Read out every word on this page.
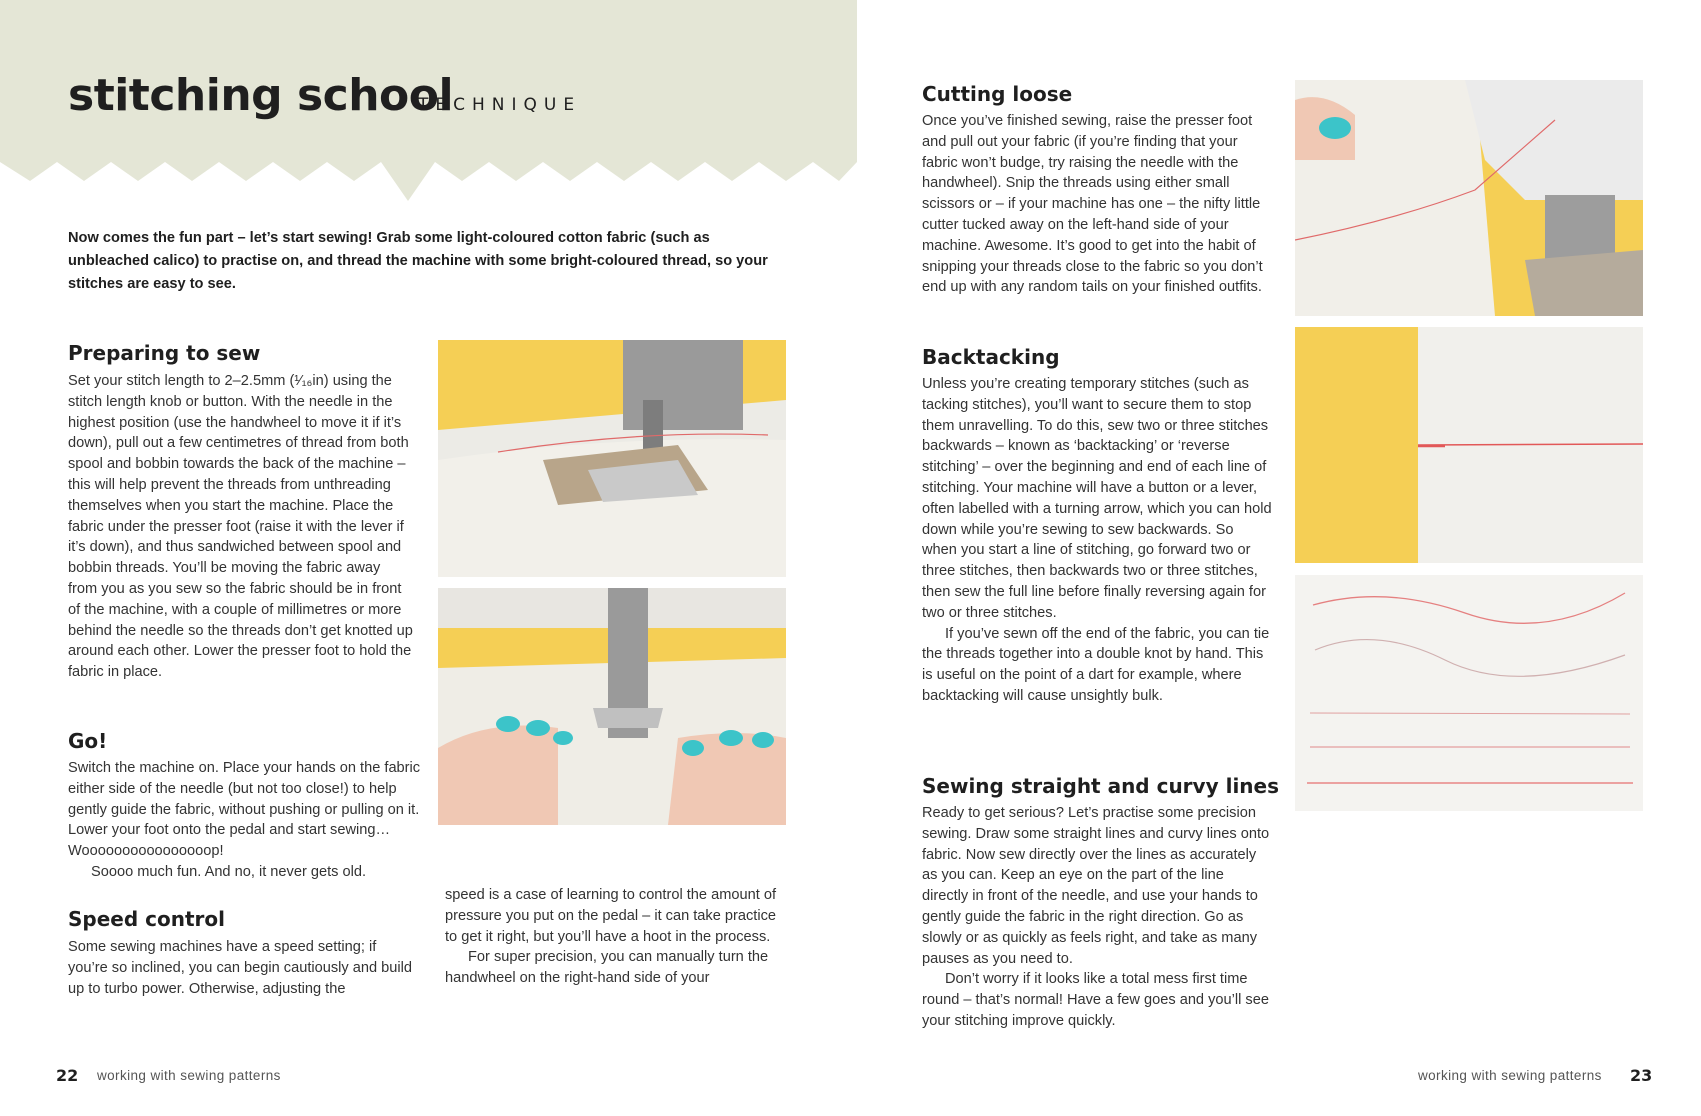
stitching school
TECHNIQUE
Now comes the fun part – let’s start sewing! Grab some light-coloured cotton fabric (such as unbleached calico) to practise on, and thread the machine with some bright-coloured thread, so your stitches are easy to see.
Preparing to sew

Set your stitch length to 2–2.5mm (¹⁄₁₆in) using the stitch length knob or button. With the needle in the highest position (use the handwheel to move it if it’s down), pull out a few centimetres of thread from both spool and bobbin towards the back of the machine – this will help prevent the threads from unthreading themselves when you start the machine. Place the fabric under the presser foot (raise it with the lever if it’s down), and thus sandwiched between spool and bobbin threads. You’ll be moving the fabric away from you as you sew so the fabric should be in front of the machine, with a couple of millimetres or more behind the needle so the threads don’t get knotted up around each other. Lower the presser foot to hold the fabric in place.

Go!

Switch the machine on. Place your hands on the fabric either side of the needle (but not too close!) to help gently guide the fabric, without pushing or pulling on it. Lower your foot onto the pedal and start sewing… Woooooooooooooooop!

Soooo much fun. And no, it never gets old.

Speed control

Some sewing machines have a speed setting; if you’re so inclined, you can begin cautiously and build up to turbo power. Otherwise, adjusting the

speed is a case of learning to control the amount of pressure you put on the pedal – it can take practice to get it right, but you’ll have a hoot in the process.

For super precision, you can manually turn the handwheel on the right-hand side of your

Cutting loose

Once you’ve finished sewing, raise the presser foot and pull out your fabric (if you’re finding that your fabric won’t budge, try raising the needle with the handwheel). Snip the threads using either small scissors or – if your machine has one – the nifty little cutter tucked away on the left-hand side of your machine. Awesome. It’s good to get into the habit of snipping your threads close to the fabric so you don’t end up with any random tails on your finished outfits.

Backtacking

Unless you’re creating temporary stitches (such as tacking stitches), you’ll want to secure them to stop them unravelling. To do this, sew two or three stitches backwards – known as ‘backtacking’ or ‘reverse stitching’ – over the beginning and end of each line of stitching. Your machine will have a button or a lever, often labelled with a turning arrow, which you can hold down while you’re sewing to sew backwards. So when you start a line of stitching, go forward two or three stitches, then backwards two or three stitches, then sew the full line before finally reversing again for two or three stitches.

If you’ve sewn off the end of the fabric, you can tie the threads together into a double knot by hand. This is useful on the point of a dart for example, where backtacking will cause unsightly bulk.

Sewing straight and curvy lines

Ready to get serious? Let’s practise some precision sewing. Draw some straight lines and curvy lines onto fabric. Now sew directly over the lines as accurately as you can. Keep an eye on the part of the line directly in front of the needle, and use your hands to gently guide the fabric in the right direction. Go as slowly or as quickly as feels right, and take as many pauses as you need to.

Don’t worry if it looks like a total mess first time round – that’s normal! Have a few goes and you’ll see your stitching improve quickly.

22 working with sewing patterns	working with sewing patterns 23
